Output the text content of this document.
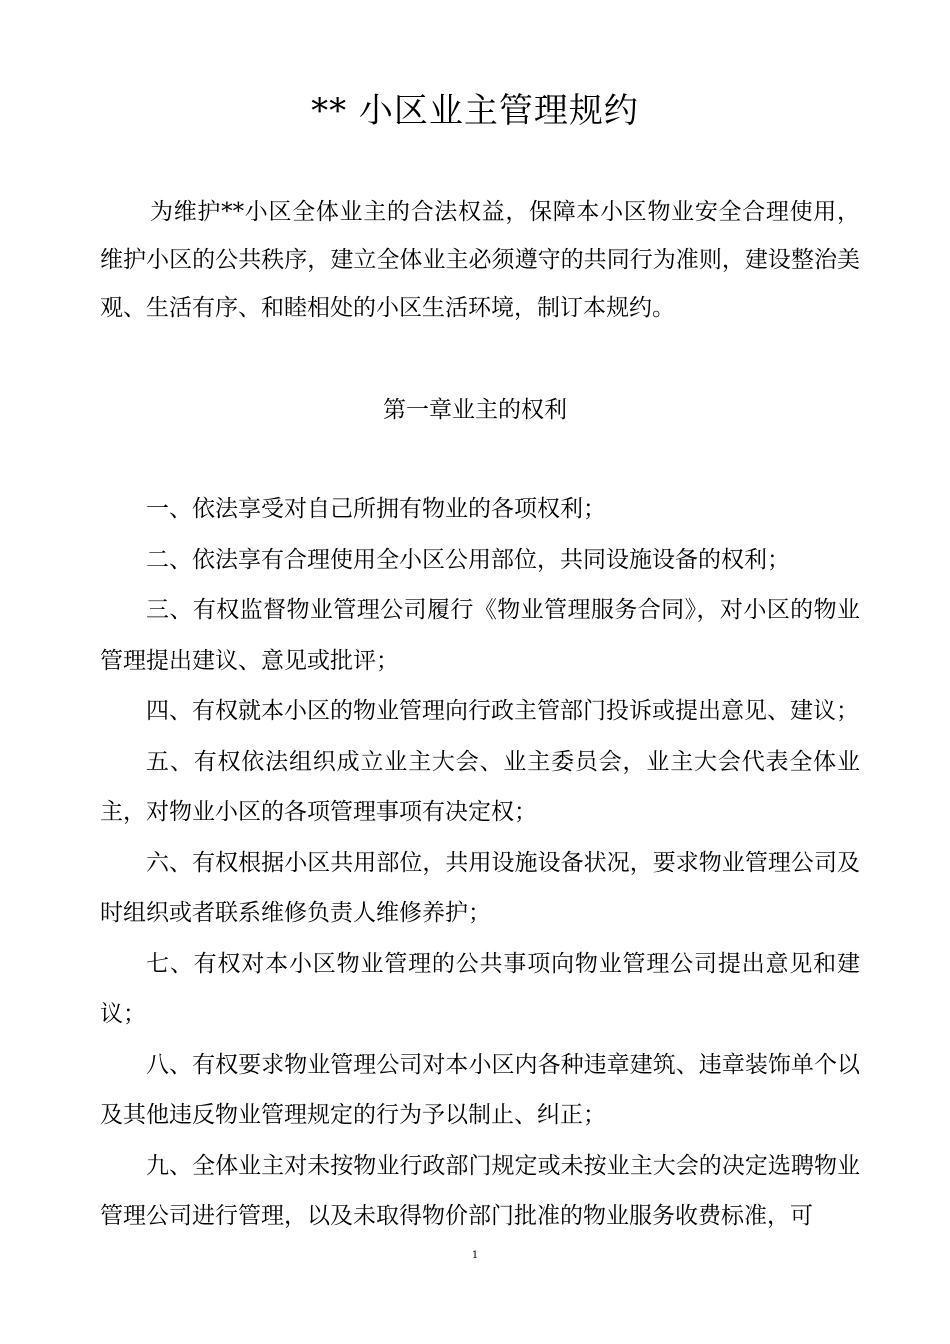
** 小区业主管理规约

为维护**小区全体业主的合法权益，保障本小区物业安全合理使用，维护小区的公共秩序，建立全体业主必须遵守的共同行为准则，建设整治美观、生活有序、和睦相处的小区生活环境，制订本规约。

第一章业主的权利
一、依法享受对自己所拥有物业的各项权利；
二、依法享有合理使用全小区公用部位，共同设施设备的权利；
三、有权监督物业管理公司履行《物业管理服务合同》，对小区的物业管理提出建议、意见或批评；
四、有权就本小区的物业管理向行政主管部门投诉或提出意见、建议；
五、有权依法组织成立业主大会、业主委员会，业主大会代表全体业主，对物业小区的各项管理事项有决定权；
六、有权根据小区共用部位，共用设施设备状况，要求物业管理公司及时组织或者联系维修负责人维修养护；
七、有权对本小区物业管理的公共事项向物业管理公司提出意见和建议；
八、有权要求物业管理公司对本小区内各种违章建筑、违章装饰单个以及其他违反物业管理规定的行为予以制止、纠正；
九、全体业主对未按物业行政部门规定或未按业主大会的决定选聘物业管理公司进行管理，以及未取得物价部门批准的物业服务收费标准，可
1
